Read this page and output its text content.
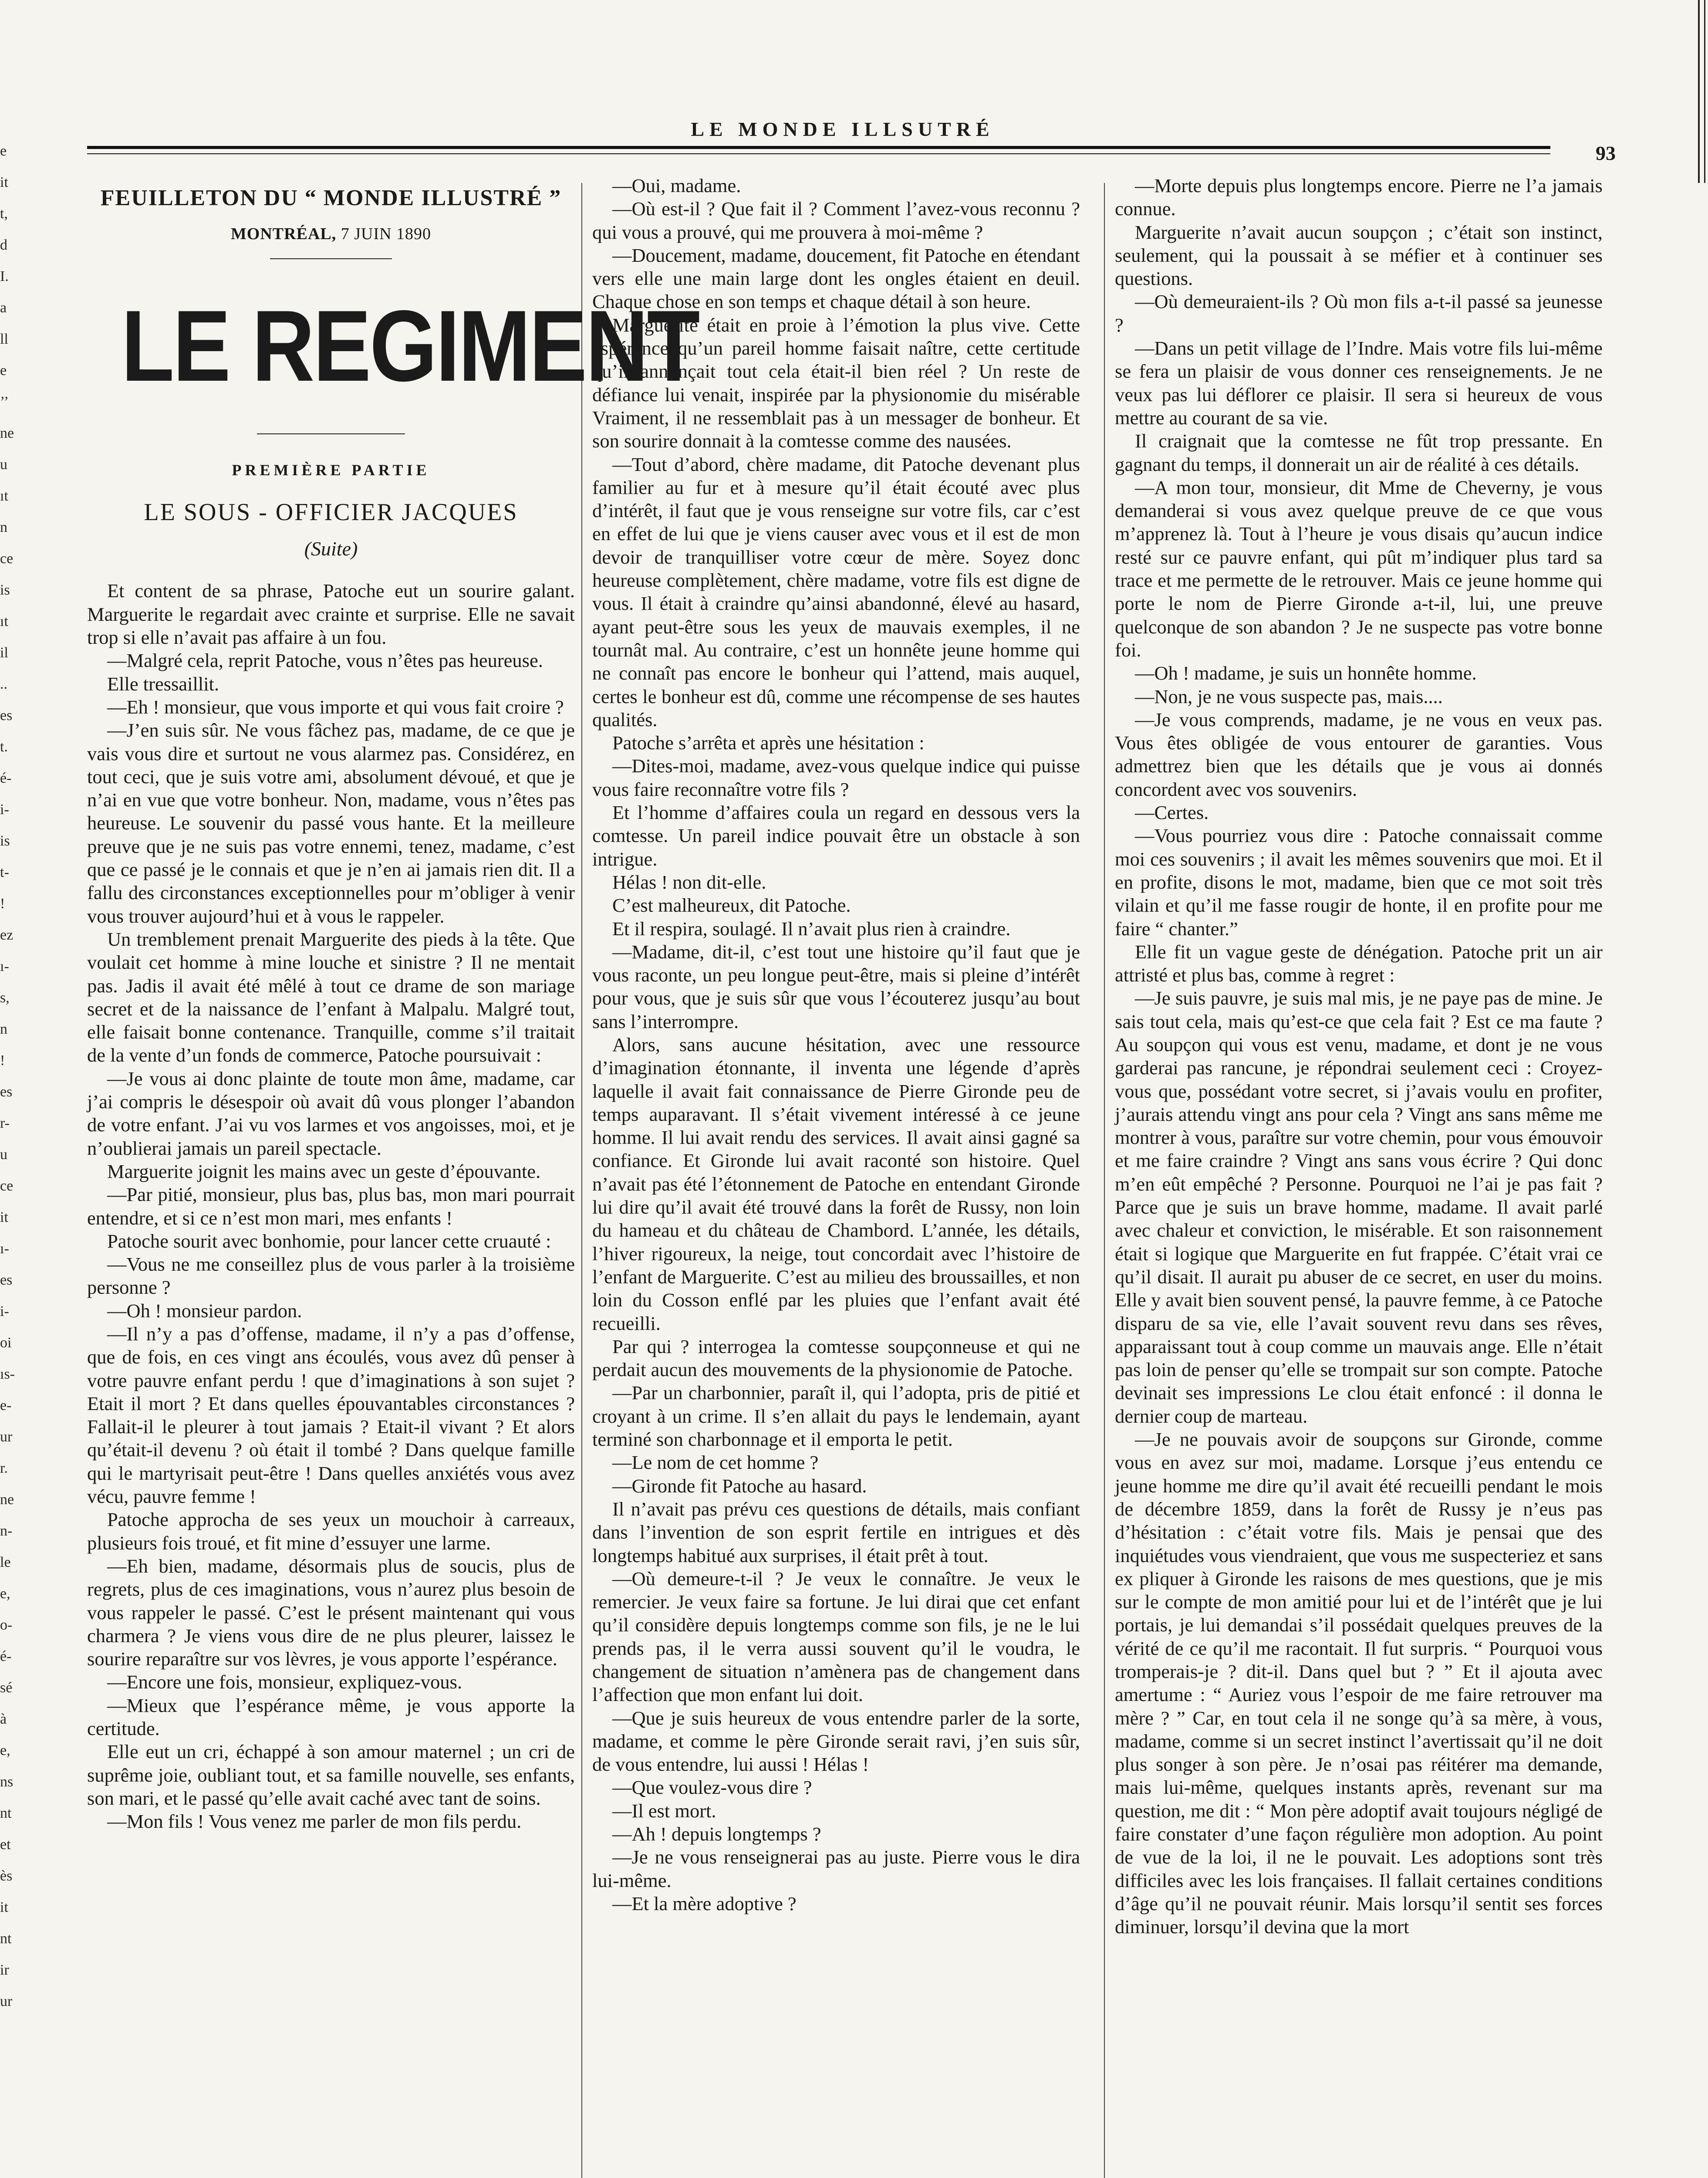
e
it
t,
d
I.
a
ll
e
’’
ne
u
ıt
n
ce
is
ıt
il
..
es
t.
é-
i-
is
t-
!
ez
ı-
s,
n
!
es
r-
u
ce
it
ı-
es
i-
oi
ıs-
e-
ur
r.
ne
n-
le
e,
o-
é-
sé
à
e,
ns
nt
et
ès
it
nt
ir
ur
LE MONDE ILLSUTRÉ
93
FEUILLETON DU “ MONDE ILLUSTRÉ ”
MONTRÉAL, 7 JUIN 1890
LE REGIMENT
PREMIÈRE PARTIE
LE SOUS - OFFICIER JACQUES
(Suite)

Et content de sa phrase, Patoche eut un sourire galant. Marguerite le regardait avec crainte et surprise. Elle ne savait trop si elle n’avait pas affaire à un fou.

—Malgré cela, reprit Patoche, vous n’êtes pas heureuse.

Elle tressaillit.

—Eh ! monsieur, que vous importe et qui vous fait croire ?

—J’en suis sûr. Ne vous fâchez pas, madame, de ce que je vais vous dire et surtout ne vous alarmez pas. Considérez, en tout ceci, que je suis votre ami, absolument dévoué, et que je n’ai en vue que votre bonheur. Non, madame, vous n’êtes pas heureuse. Le souvenir du passé vous hante. Et la meilleure preuve que je ne suis pas votre ennemi, tenez, madame, c’est que ce passé je le connais et que je n’en ai jamais rien dit. Il a fallu des circonstances exceptionnelles pour m’obliger à venir vous trouver aujourd’hui et à vous le rappeler.

Un tremblement prenait Marguerite des pieds à la tête. Que voulait cet homme à mine louche et sinistre ? Il ne mentait pas. Jadis il avait été mêlé à tout ce drame de son mariage secret et de la naissance de l’enfant à Malpalu. Malgré tout, elle faisait bonne contenance. Tranquille, comme s’il traitait de la vente d’un fonds de commerce, Patoche poursuivait :

—Je vous ai donc plainte de toute mon âme, madame, car j’ai compris le désespoir où avait dû vous plonger l’abandon de votre enfant. J’ai vu vos larmes et vos angoisses, moi, et je n’oublierai jamais un pareil spectacle.

Marguerite joignit les mains avec un geste d’épouvante.

—Par pitié, monsieur, plus bas, plus bas, mon mari pourrait entendre, et si ce n’est mon mari, mes enfants !

Patoche sourit avec bonhomie, pour lancer cette cruauté :

—Vous ne me conseillez plus de vous parler à la troisième personne ?

—Oh ! monsieur pardon.

—Il n’y a pas d’offense, madame, il n’y a pas d’offense, que de fois, en ces vingt ans écoulés, vous avez dû penser à votre pauvre enfant perdu ! que d’imaginations à son sujet ? Etait il mort ? Et dans quelles épouvantables circonstances ? Fallait-il le pleurer à tout jamais ? Etait-il vivant ? Et alors qu’était-il devenu ? où était il tombé ? Dans quelque famille qui le martyrisait peut-être ! Dans quelles anxiétés vous avez vécu, pauvre femme !

Patoche approcha de ses yeux un mouchoir à carreaux, plusieurs fois troué, et fit mine d’essuyer une larme.

—Eh bien, madame, désormais plus de soucis, plus de regrets, plus de ces imaginations, vous n’aurez plus besoin de vous rappeler le passé. C’est le présent maintenant qui vous charmera ? Je viens vous dire de ne plus pleurer, laissez le sourire reparaître sur vos lèvres, je vous apporte l’espérance.

—Encore une fois, monsieur, expliquez-vous.

—Mieux que l’espérance même, je vous apporte la certitude.

Elle eut un cri, échappé à son amour maternel ; un cri de suprême joie, oubliant tout, et sa famille nouvelle, ses enfants, son mari, et le passé qu’elle avait caché avec tant de soins.

—Mon fils ! Vous venez me parler de mon fils perdu.

—Oui, madame.

—Où est-il ? Que fait il ? Comment l’avez-vous reconnu ? qui vous a prouvé, qui me prouvera à moi-même ?

—Doucement, madame, doucement, fit Patoche en étendant vers elle une main large dont les ongles étaient en deuil. Chaque chose en son temps et chaque détail à son heure.

Marguerite était en proie à l’émotion la plus vive. Cette espérance qu’un pareil homme faisait naître, cette certitude qu’il annonçait tout cela était-il bien réel ? Un reste de défiance lui venait, inspirée par la physionomie du misérable Vraiment, il ne ressemblait pas à un messager de bonheur. Et son sourire donnait à la comtesse comme des nausées.

—Tout d’abord, chère madame, dit Patoche devenant plus familier au fur et à mesure qu’il était écouté avec plus d’intérêt, il faut que je vous renseigne sur votre fils, car c’est en effet de lui que je viens causer avec vous et il est de mon devoir de tranquilliser votre cœur de mère. Soyez donc heureuse complètement, chère madame, votre fils est digne de vous. Il était à craindre qu’ainsi abandonné, élevé au hasard, ayant peut-être sous les yeux de mauvais exemples, il ne tournât mal. Au contraire, c’est un honnête jeune homme qui ne connaît pas encore le bonheur qui l’attend, mais auquel, certes le bonheur est dû, comme une récompense de ses hautes qualités.

Patoche s’arrêta et après une hésitation :

—Dites-moi, madame, avez-vous quelque indice qui puisse vous faire reconnaître votre fils ?

Et l’homme d’affaires coula un regard en dessous vers la comtesse. Un pareil indice pouvait être un obstacle à son intrigue.

Hélas ! non dit-elle.

C’est malheureux, dit Patoche.

Et il respira, soulagé. Il n’avait plus rien à craindre.

—Madame, dit-il, c’est tout une histoire qu’il faut que je vous raconte, un peu longue peut-être, mais si pleine d’intérêt pour vous, que je suis sûr que vous l’écouterez jusqu’au bout sans l’interrompre.

Alors, sans aucune hésitation, avec une ressource d’imagination étonnante, il inventa une légende d’après laquelle il avait fait connaissance de Pierre Gironde peu de temps auparavant. Il s’était vivement intéressé à ce jeune homme. Il lui avait rendu des services. Il avait ainsi gagné sa confiance. Et Gironde lui avait raconté son histoire. Quel n’avait pas été l’étonnement de Patoche en entendant Gironde lui dire qu’il avait été trouvé dans la forêt de Russy, non loin du hameau et du château de Chambord. L’année, les détails, l’hiver rigoureux, la neige, tout concordait avec l’histoire de l’enfant de Marguerite. C’est au milieu des broussailles, et non loin du Cosson enflé par les pluies que l’enfant avait été recueilli.

Par qui ? interrogea la comtesse soupçonneuse et qui ne perdait aucun des mouvements de la physionomie de Patoche.

—Par un charbonnier, paraît il, qui l’adopta, pris de pitié et croyant à un crime. Il s’en allait du pays le lendemain, ayant terminé son charbonnage et il emporta le petit.

—Le nom de cet homme ?

—Gironde fit Patoche au hasard.

Il n’avait pas prévu ces questions de détails, mais confiant dans l’invention de son esprit fertile en intrigues et dès longtemps habitué aux surprises, il était prêt à tout.

—Où demeure-t-il ? Je veux le connaître. Je veux le remercier. Je veux faire sa fortune. Je lui dirai que cet enfant qu’il considère depuis longtemps comme son fils, je ne le lui prends pas, il le verra aussi souvent qu’il le voudra, le changement de situation n’amènera pas de changement dans l’affection que mon enfant lui doit.

—Que je suis heureux de vous entendre parler de la sorte, madame, et comme le père Gironde serait ravi, j’en suis sûr, de vous entendre, lui aussi ! Hélas !

—Que voulez-vous dire ?

—Il est mort.

—Ah ! depuis longtemps ?

—Je ne vous renseignerai pas au juste. Pierre vous le dira lui-même.

—Et la mère adoptive ?

—Morte depuis plus longtemps encore. Pierre ne l’a jamais connue.

Marguerite n’avait aucun soupçon ; c’était son instinct, seulement, qui la poussait à se méfier et à continuer ses questions.

—Où demeuraient-ils ? Où mon fils a-t-il passé sa jeunesse ?

—Dans un petit village de l’Indre. Mais votre fils lui-même se fera un plaisir de vous donner ces renseignements. Je ne veux pas lui déflorer ce plaisir. Il sera si heureux de vous mettre au courant de sa vie.

Il craignait que la comtesse ne fût trop pressante. En gagnant du temps, il donnerait un air de réalité à ces détails.

—A mon tour, monsieur, dit Mme de Cheverny, je vous demanderai si vous avez quelque preuve de ce que vous m’apprenez là. Tout à l’heure je vous disais qu’aucun indice resté sur ce pauvre enfant, qui pût m’indiquer plus tard sa trace et me permette de le retrouver. Mais ce jeune homme qui porte le nom de Pierre Gironde a-t-il, lui, une preuve quelconque de son abandon ? Je ne suspecte pas votre bonne foi.

—Oh ! madame, je suis un honnête homme.

—Non, je ne vous suspecte pas, mais....

—Je vous comprends, madame, je ne vous en veux pas. Vous êtes obligée de vous entourer de garanties. Vous admettrez bien que les détails que je vous ai donnés concordent avec vos souvenirs.

—Certes.

—Vous pourriez vous dire : Patoche connaissait comme moi ces souvenirs ; il avait les mêmes souvenirs que moi. Et il en profite, disons le mot, madame, bien que ce mot soit très vilain et qu’il me fasse rougir de honte, il en profite pour me faire “ chanter.”

Elle fit un vague geste de dénégation. Patoche prit un air attristé et plus bas, comme à regret :

—Je suis pauvre, je suis mal mis, je ne paye pas de mine. Je sais tout cela, mais qu’est-ce que cela fait ? Est ce ma faute ? Au soupçon qui vous est venu, madame, et dont je ne vous garderai pas rancune, je répondrai seulement ceci : Croyez-vous que, possédant votre secret, si j’avais voulu en profiter, j’aurais attendu vingt ans pour cela ? Vingt ans sans même me montrer à vous, paraître sur votre chemin, pour vous émouvoir et me faire craindre ? Vingt ans sans vous écrire ? Qui donc m’en eût empêché ? Personne. Pourquoi ne l’ai je pas fait ? Parce que je suis un brave homme, madame. Il avait parlé avec chaleur et conviction, le misérable. Et son raisonnement était si logique que Marguerite en fut frappée. C’était vrai ce qu’il disait. Il aurait pu abuser de ce secret, en user du moins. Elle y avait bien souvent pensé, la pauvre femme, à ce Patoche disparu de sa vie, elle l’avait souvent revu dans ses rêves, apparaissant tout à coup comme un mauvais ange. Elle n’était pas loin de penser qu’elle se trompait sur son compte. Patoche devinait ses impressions Le clou était enfoncé : il donna le dernier coup de marteau.

—Je ne pouvais avoir de soupçons sur Gironde, comme vous en avez sur moi, madame. Lorsque j’eus entendu ce jeune homme me dire qu’il avait été recueilli pendant le mois de décembre 1859, dans la forêt de Russy je n’eus pas d’hésitation : c’était votre fils. Mais je pensai que des inquiétudes vous viendraient, que vous me suspecteriez et sans ex pliquer à Gironde les raisons de mes questions, que je mis sur le compte de mon amitié pour lui et de l’intérêt que je lui portais, je lui demandai s’il possédait quelques preuves de la vérité de ce qu’il me racontait. Il fut surpris. “ Pourquoi vous tromperais-je ? dit-il. Dans quel but ? ” Et il ajouta avec amertume : “ Auriez vous l’espoir de me faire retrouver ma mère ? ” Car, en tout cela il ne songe qu’à sa mère, à vous, madame, comme si un secret instinct l’avertissait qu’il ne doit plus songer à son père. Je n’osai pas réitérer ma demande, mais lui-même, quelques instants après, revenant sur ma question, me dit : “ Mon père adoptif avait toujours négligé de faire constater d’une façon régulière mon adoption. Au point de vue de la loi, il ne le pouvait. Les adoptions sont très difficiles avec les lois françaises. Il fallait certaines conditions d’âge qu’il ne pouvait réunir. Mais lorsqu’il sentit ses forces diminuer, lorsqu’il devina que la mort
